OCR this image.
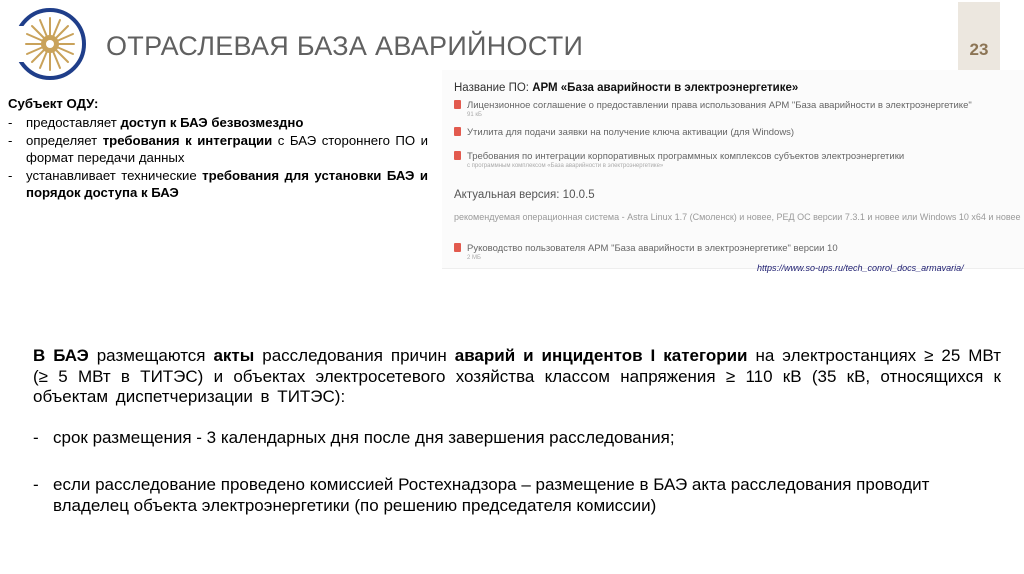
ОТРАСЛЕВАЯ БАЗА АВАРИЙНОСТИ	23

Субъект ОДУ:

- предоставляет доступ к БАЭ безвозмездно
- определяет требования к интеграции с БАЭ стороннего ПО и формат передачи данных
- устанавливает технические требования для установки БАЭ и порядок доступа к БАЭ
Название ПО: АРМ «База аварийности в электроэнергетике»
Лицензионное соглашение о предоставлении права использования АРМ "База аварийности в электроэнергетике"
91 кБ
Утилита для подачи заявки на получение ключа активации (для Windows)
Требования по интеграции корпоративных программных комплексов субъектов электроэнергетики
с программным комплексом «База аварийности в электроэнергетике»
Актуальная версия: 10.0.5
рекомендуемая операционная система - Astra Linux 1.7 (Смоленск) и новее, РЕД ОС версии 7.3.1 и новее или Windows 10 x64 и новее
Руководство пользователя АРМ "База аварийности в электроэнергетике" версии 10
2 МБ
https://www.so-ups.ru/tech_conrol_docs_armavaria/

В БАЭ размещаются акты расследования причин аварий и инцидентов I категории на электростанциях ≥ 25 МВт (≥ 5 МВт в ТИТЭС) и объектах электросетевого хозяйства классом напряжения ≥ 110 кВ (35 кВ, относящихся к объектам диспетчеризации в ТИТЭС):

- срок размещения - 3 календарных дня после дня завершения расследования;
- если расследование проведено комиссией Ростехнадзора – размещение в БАЭ акта расследования проводит владелец объекта электроэнергетики (по решению председателя комиссии)
